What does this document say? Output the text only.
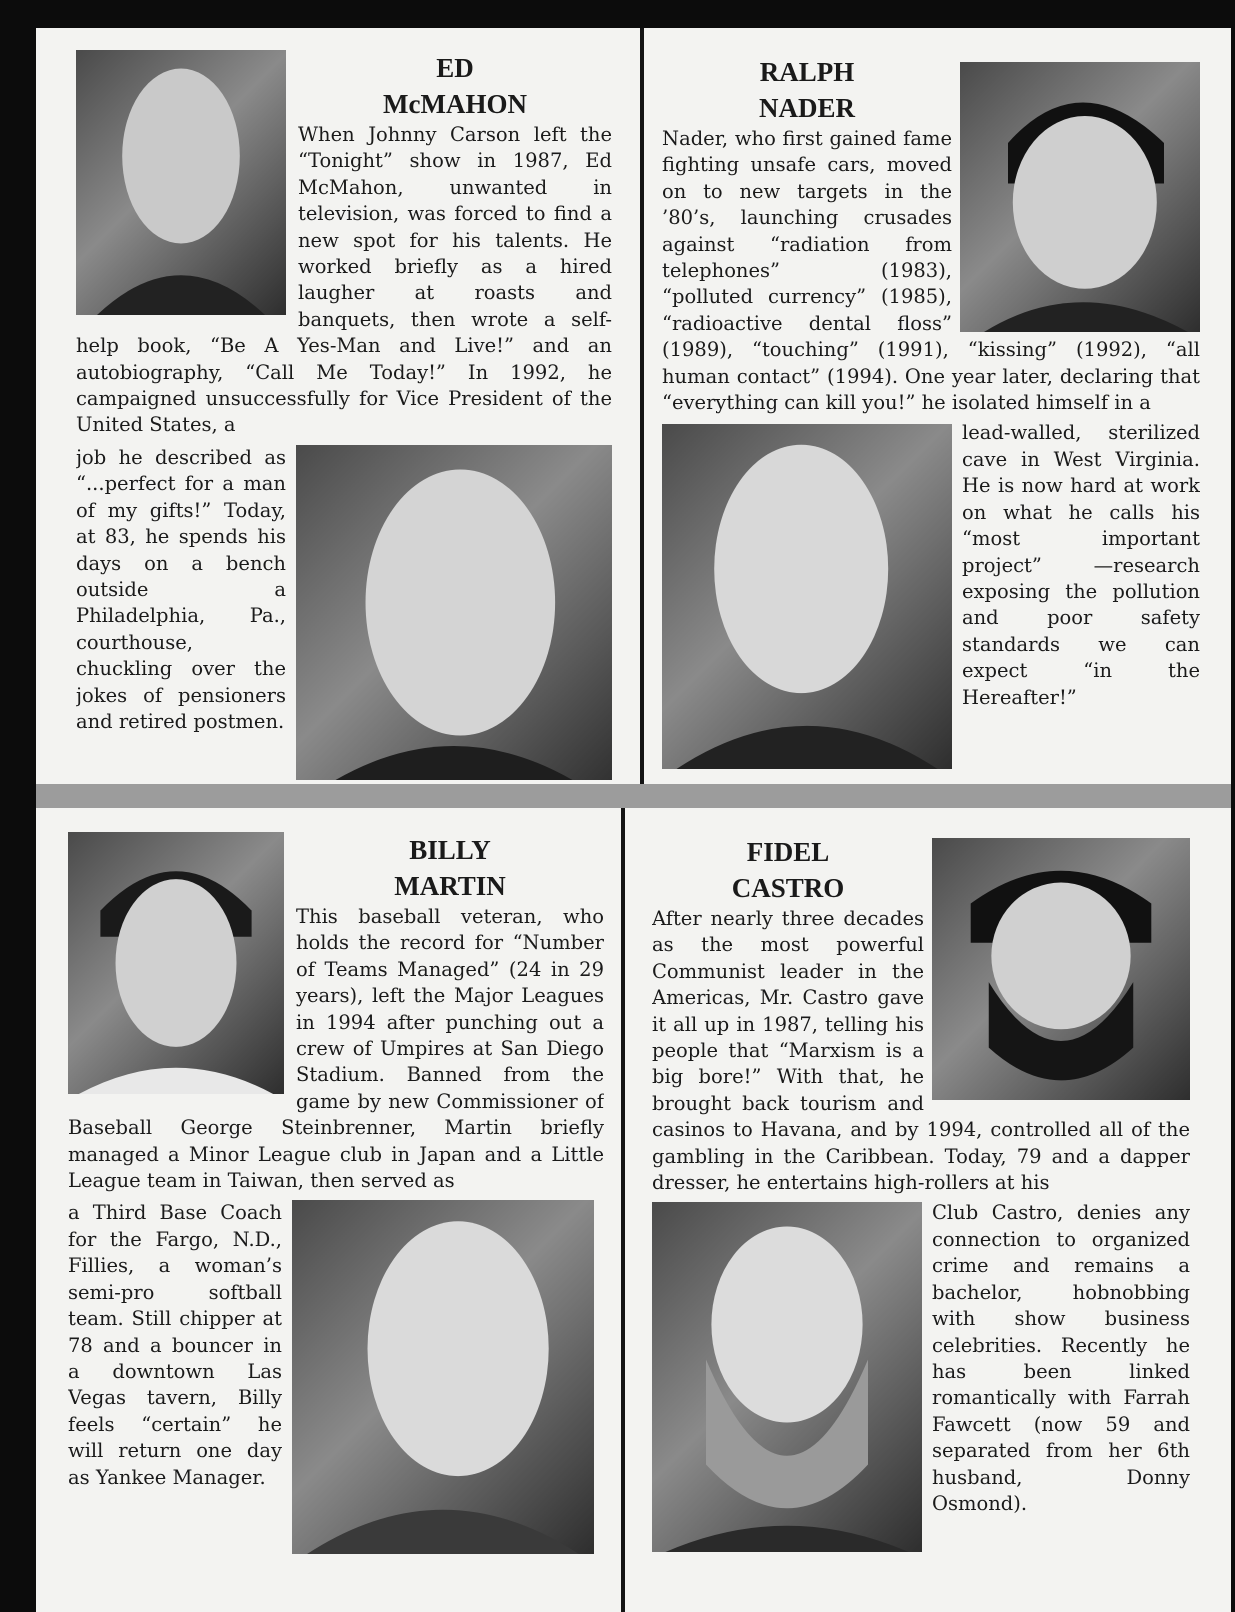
ED
McMAHON

When Johnny Carson left the “Tonight” show in 1987, Ed McMahon, unwanted in television, was forced to find a new spot for his talents. He worked briefly as a hired laugher at roasts and banquets, then wrote a self-help book, “Be A Yes-Man and Live!” and an autobiography, “Call Me Today!” In 1992, he campaigned unsuccessfully for Vice President of the United States, a

job he described as “...perfect for a man of my gifts!” Today, at 83, he spends his days on a bench outside a Philadelphia, Pa., courthouse, chuckling over the jokes of pensioners and retired postmen.

RALPH
NADER

Nader, who first gained fame fighting unsafe cars, moved on to new targets in the ’80’s, launching crusades against “radiation from telephones” (1983), “polluted currency” (1985), “radioactive dental floss” (1989), “touching” (1991), “kissing” (1992), “all human contact” (1994). One year later, declaring that “everything can kill you!” he isolated himself in a

lead-walled, sterilized cave in West Virginia. He is now hard at work on what he calls his “most important project” —research exposing the pollution and poor safety standards we can expect “in the Hereafter!”

BILLY
MARTIN

This baseball veteran, who holds the record for “Number of Teams Managed” (24 in 29 years), left the Major Leagues in 1994 after punching out a crew of Umpires at San Diego Stadium. Banned from the game by new Commissioner of Baseball George Steinbrenner, Martin briefly managed a Minor League club in Japan and a Little League team in Taiwan, then served as

a Third Base Coach for the Fargo, N.D., Fillies, a woman’s semi-pro softball team. Still chipper at 78 and a bouncer in a downtown Las Vegas tavern, Billy feels “certain” he will return one day as Yankee Manager.

FIDEL
CASTRO

After nearly three decades as the most powerful Communist leader in the Americas, Mr. Castro gave it all up in 1987, telling his people that “Marxism is a big bore!” With that, he brought back tourism and casinos to Havana, and by 1994, controlled all of the gambling in the Caribbean. Today, 79 and a dapper dresser, he entertains high-rollers at his

Club Castro, denies any connection to organized crime and remains a bachelor, hobnobbing with show business celebrities. Recently he has been linked romantically with Farrah Fawcett (now 59 and separated from her 6th husband, Donny Osmond).
